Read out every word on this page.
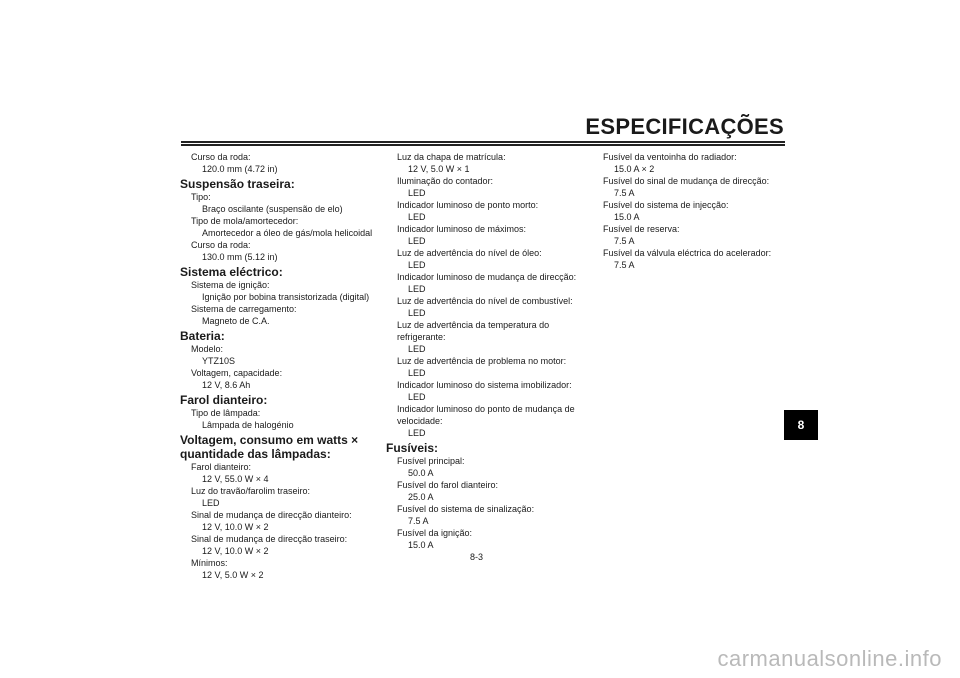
ESPECIFICAÇÕES
Curso da roda:
120.0 mm (4.72 in)
Suspensão traseira:
Tipo:
Braço oscilante (suspensão de elo)
Tipo de mola/amortecedor:
Amortecedor a óleo de gás/mola helicoidal
Curso da roda:
130.0 mm (5.12 in)
Sistema eléctrico:
Sistema de ignição:
Ignição por bobina transistorizada (digital)
Sistema de carregamento:
Magneto de C.A.
Bateria:
Modelo:
YTZ10S
Voltagem, capacidade:
12 V, 8.6 Ah
Farol dianteiro:
Tipo de lâmpada:
Lâmpada de halogénio
Voltagem, consumo em watts ×
quantidade das lâmpadas:
Farol dianteiro:
12 V, 55.0 W × 4
Luz do travão/farolim traseiro:
LED
Sinal de mudança de direcção dianteiro:
12 V, 10.0 W × 2
Sinal de mudança de direcção traseiro:
12 V, 10.0 W × 2
Mínimos:
12 V, 5.0 W × 2
Luz da chapa de matrícula:
12 V, 5.0 W × 1
Iluminação do contador:
LED
Indicador luminoso de ponto morto:
LED
Indicador luminoso de máximos:
LED
Luz de advertência do nível de óleo:
LED
Indicador luminoso de mudança de direcção:
LED
Luz de advertência do nível de combustível:
LED
Luz de advertência da temperatura do
refrigerante:
LED
Luz de advertência de problema no motor:
LED
Indicador luminoso do sistema imobilizador:
LED
Indicador luminoso do ponto de mudança de
velocidade:
LED
Fusíveis:
Fusível principal:
50.0 A
Fusível do farol dianteiro:
25.0 A
Fusível do sistema de sinalização:
7.5 A
Fusível da ignição:
15.0 A
Fusível da ventoinha do radiador:
15.0 A × 2
Fusível do sinal de mudança de direcção:
7.5 A
Fusível do sistema de injecção:
15.0 A
Fusível de reserva:
7.5 A
Fusível da válvula eléctrica do acelerador:
7.5 A
8
8-3
carmanualsonline.info
